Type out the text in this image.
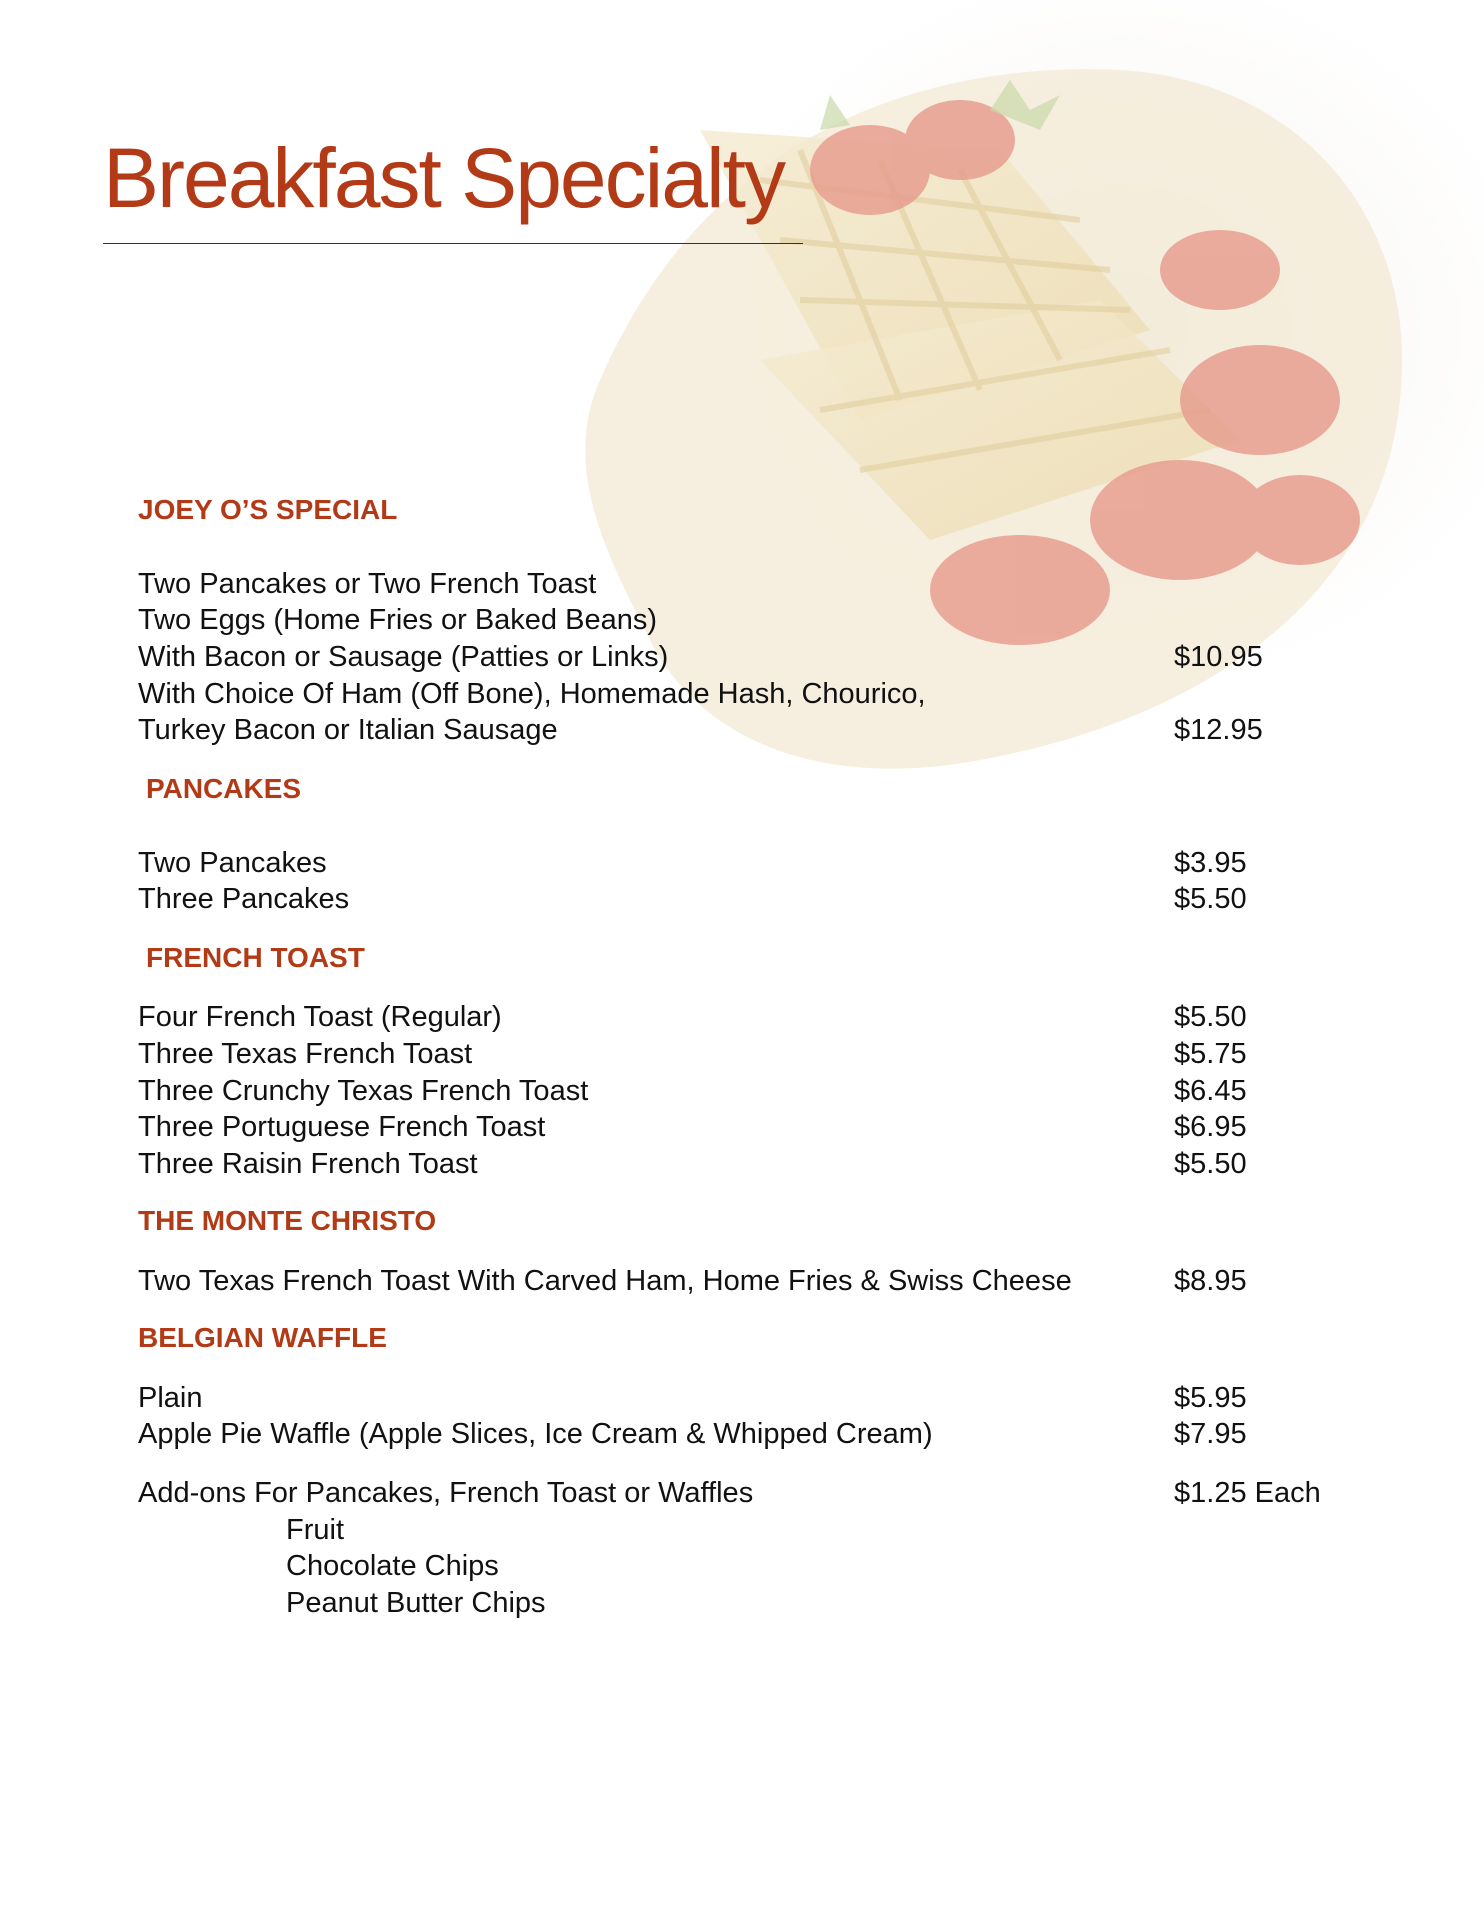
Breakfast Specialty
JOEY O’S SPECIAL
Two Pancakes or Two French Toast
Two Eggs (Home Fries or Baked Beans)
With Bacon or Sausage (Patties or Links)	$10.95
With Choice Of Ham (Off Bone), Homemade Hash, Chourico,
Turkey Bacon or Italian Sausage	$12.95
PANCAKES
Two Pancakes	$3.95
Three Pancakes	$5.50
FRENCH TOAST
Four French Toast (Regular)	$5.50
Three Texas French Toast	$5.75
Three Crunchy Texas French Toast	$6.45
Three Portuguese French Toast	$6.95
Three Raisin French Toast	$5.50
THE MONTE CHRISTO
Two Texas French Toast With Carved Ham, Home Fries & Swiss Cheese	$8.95
BELGIAN WAFFLE
Plain	$5.95
Apple Pie Waffle (Apple Slices, Ice Cream & Whipped Cream)	$7.95
Add-ons For Pancakes, French Toast or Waffles	$1.25 Each
Fruit
Chocolate Chips
Peanut Butter Chips
